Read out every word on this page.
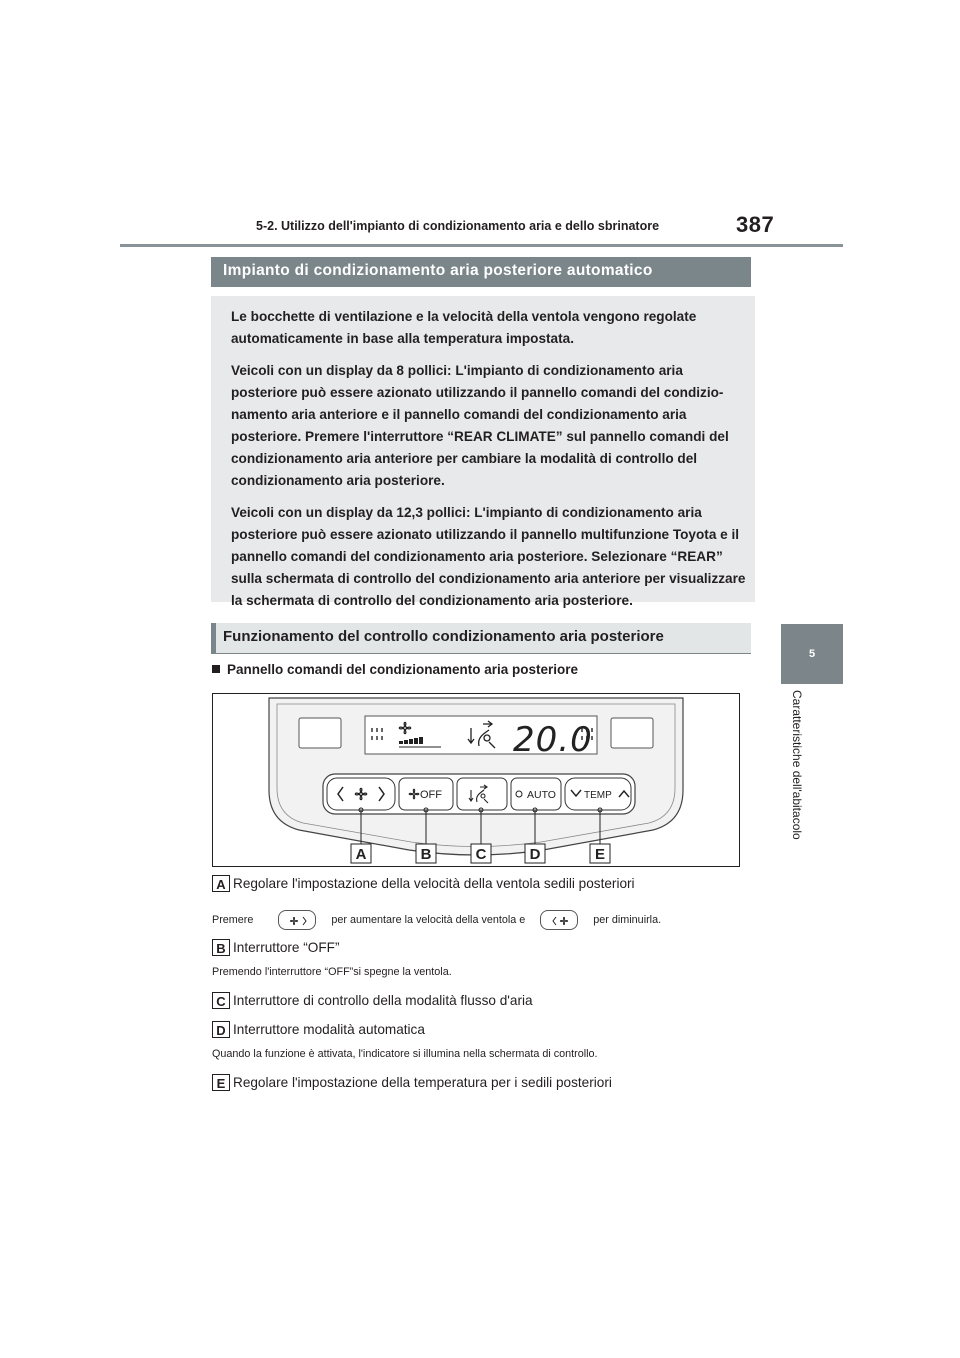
5-2. Utilizzo dell'impianto di condizionamento aria e dello sbrinatore	387
5
Caratteristiche dell'abitacolo
Impianto di condizionamento aria posteriore automatico

Le bocchette di ventilazione e la velocità della ventola vengono regolate automaticamente in base alla temperatura impostata.

Veicoli con un display da 8 pollici: L'impianto di condizionamento aria posteriore può essere azionato utilizzando il pannello comandi del condizio-namento aria anteriore e il pannello comandi del condizionamento aria posteriore. Premere l'interruttore “REAR CLIMATE” sul pannello comandi del condizionamento aria anteriore per cambiare la modalità di controllo del condizionamento aria posteriore.

Veicoli con un display da 12,3 pollici: L'impianto di condizionamento aria posteriore può essere azionato utilizzando il pannello multifunzione Toyota e il pannello comandi del condizionamento aria posteriore. Selezionare “REAR” sulla schermata di controllo del condizionamento aria anteriore per visualizzare la schermata di controllo del condizionamento aria posteriore.

Funzionamento del controllo condizionamento aria posteriore
Pannello comandi del condizionamento aria posteriore
20.0
OFF	AUTO	TEMP
A	B	C	D	E
A Regolare l'impostazione della velocità della ventola sedili posteriori
Premere	per aumentare la velocità della ventola e	per diminuirla.
B Interruttore “OFF”
Premendo l'interruttore “OFF”si spegne la ventola.
C Interruttore di controllo della modalità flusso d'aria
D Interruttore modalità automatica
Quando la funzione è attivata, l'indicatore si illumina nella schermata di controllo.
E Regolare l'impostazione della temperatura per i sedili posteriori
